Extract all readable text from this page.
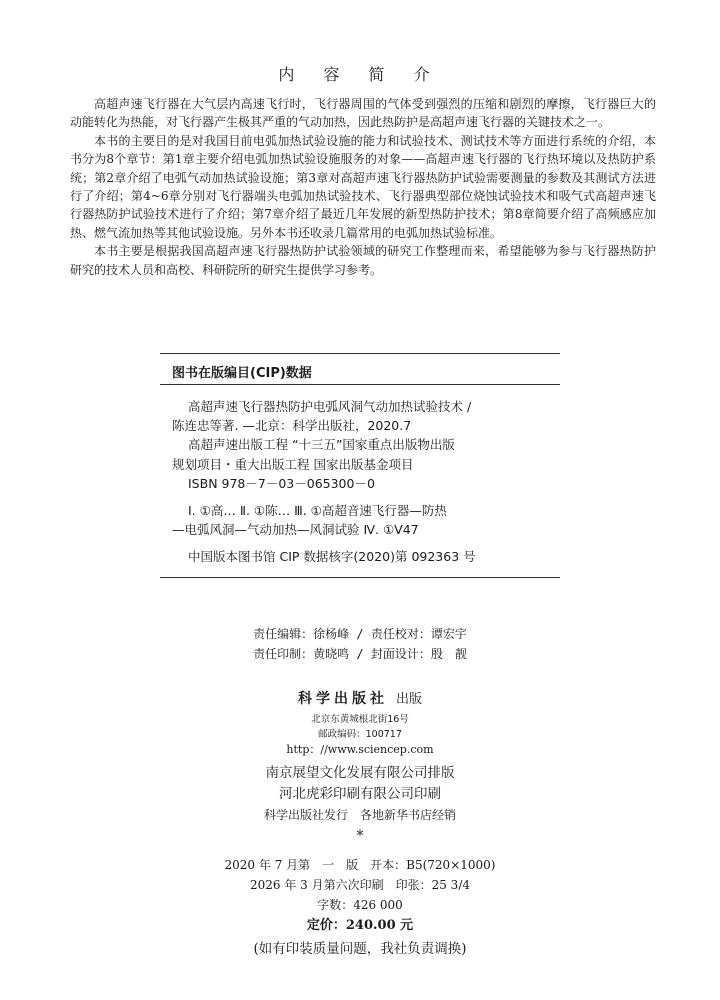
内 容 简 介

高超声速飞行器在大气层内高速飞行时，飞行器周围的气体受到强烈的压缩和剧烈的摩擦，飞行器巨大的动能转化为热能，对飞行器产生极其严重的气动加热，因此热防护是高超声速飞行器的关键技术之一。

本书的主要目的是对我国目前电弧加热试验设施的能力和试验技术、测试技术等方面进行系统的介绍，本书分为8个章节：第1章主要介绍电弧加热试验设施服务的对象——高超声速飞行器的飞行热环境以及热防护系统；第2章介绍了电弧气动加热试验设施；第3章对高超声速飞行器热防护试验需要测量的参数及其测试方法进行了介绍；第4~6章分别对飞行器端头电弧加热试验技术、飞行器典型部位烧蚀试验技术和吸气式高超声速飞行器热防护试验技术进行了介绍；第7章介绍了最近几年发展的新型热防护技术；第8章简要介绍了高频感应加热、燃气流加热等其他试验设施。另外本书还收录几篇常用的电弧加热试验标准。

本书主要是根据我国高超声速飞行器热防护试验领域的研究工作整理而来，希望能够为参与飞行器热防护研究的技术人员和高校、科研院所的研究生提供学习参考。

图书在版编目(CIP)数据
高超声速飞行器热防护电弧风洞气动加热试验技术 /
陈连忠等著. —北京：科学出版社，2020.7
高超声速出版工程 “十三五”国家重点出版物出版
规划项目・重大出版工程 国家出版基金项目
ISBN 978－7－03－065300－0
Ⅰ. ①高… Ⅱ. ①陈… Ⅲ. ①高超音速飞行器—防热
—电弧风洞—气动加热—风洞试验 Ⅳ. ①V47
中国版本图书馆 CIP 数据核字(2020)第 092363 号
责任编辑：徐杨峰 / 责任校对：谭宏宇
责任印制：黄晓鸣 / 封面设计：殷　靓
科学出版社 出版
北京东黄城根北街16号
邮政编码：100717
http：//www.sciencep.com
南京展望文化发展有限公司排版
河北虎彩印刷有限公司印刷
科学出版社发行　各地新华书店经销
*
2020 年 7 月第　一　版　开本：B5(720×1000)
2026 年 3 月第六次印刷　印张：25 3/4
字数：426 000
定价：240.00 元
(如有印装质量问题，我社负责调换)
